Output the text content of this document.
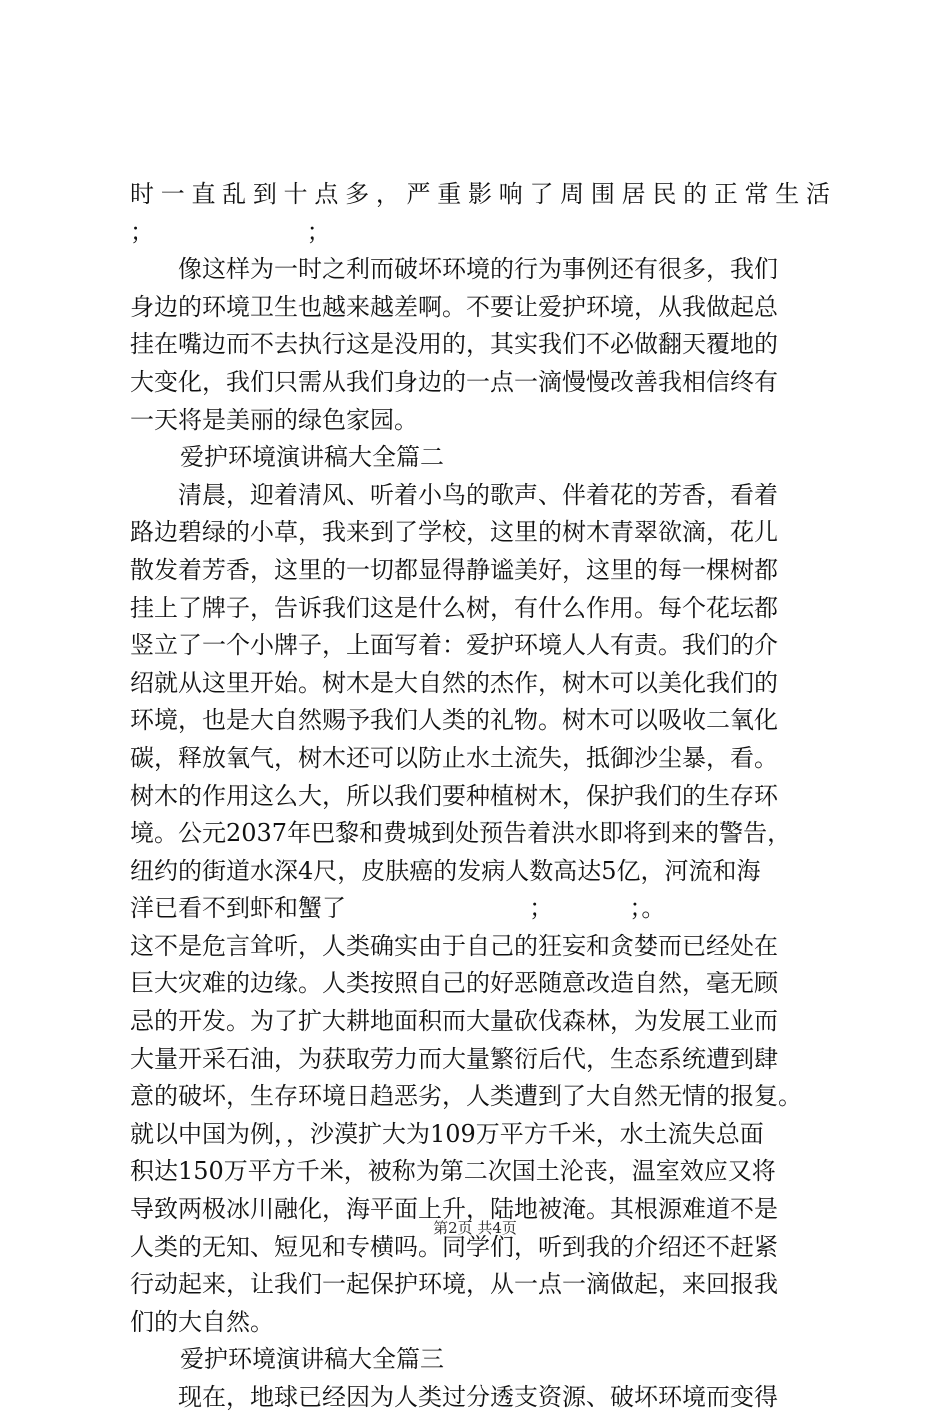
时一直乱到十点多，严重影响了周围居民的正常生活
；                    ；
像这样为一时之利而破坏环境的行为事例还有很多，我们
身边的环境卫生也越来越差啊。不要让爱护环境，从我做起总
挂在嘴边而不去执行这是没用的，其实我们不必做翻天覆地的
大变化，我们只需从我们身边的一点一滴慢慢改善我相信终有
一天将是美丽的绿色家园。
爱护环境演讲稿大全篇二
清晨，迎着清风、听着小鸟的歌声、伴着花的芳香，看着
路边碧绿的小草，我来到了学校，这里的树木青翠欲滴，花儿
散发着芳香，这里的一切都显得静谧美好，这里的每一棵树都
挂上了牌子，告诉我们这是什么树，有什么作用。每个花坛都
竖立了一个小牌子，上面写着：爱护环境人人有责。我们的介
绍就从这里开始。树木是大自然的杰作，树木可以美化我们的
环境，也是大自然赐予我们人类的礼物。树木可以吸收二氧化
碳，释放氧气，树木还可以防止水土流失，抵御沙尘暴，看。
树木的作用这么大，所以我们要种植树木，保护我们的生存环
境。公元2037年巴黎和费城到处预告着洪水即将到来的警告，
纽约的街道水深4尺，皮肤癌的发病人数高达5亿，河流和海
洋已看不到虾和蟹了                        ；          ；。
这不是危言耸听，人类确实由于自己的狂妄和贪婪而已经处在
巨大灾难的边缘。人类按照自己的好恶随意改造自然，毫无顾
忌的开发。为了扩大耕地面积而大量砍伐森林，为发展工业而
大量开采石油，为获取劳力而大量繁衍后代，生态系统遭到肆
意的破坏，生存环境日趋恶劣，人类遭到了大自然无情的报复。
就以中国为例，，沙漠扩大为109万平方千米，水土流失总面
积达150万平方千米，被称为第二次国土沦丧，温室效应又将
导致两极冰川融化，海平面上升，陆地被淹。其根源难道不是
人类的无知、短见和专横吗。同学们，听到我的介绍还不赶紧
行动起来，让我们一起保护环境，从一点一滴做起，来回报我
们的大自然。
爱护环境演讲稿大全篇三
现在，地球已经因为人类过分透支资源、破坏环境而变得
第2页 共4页
